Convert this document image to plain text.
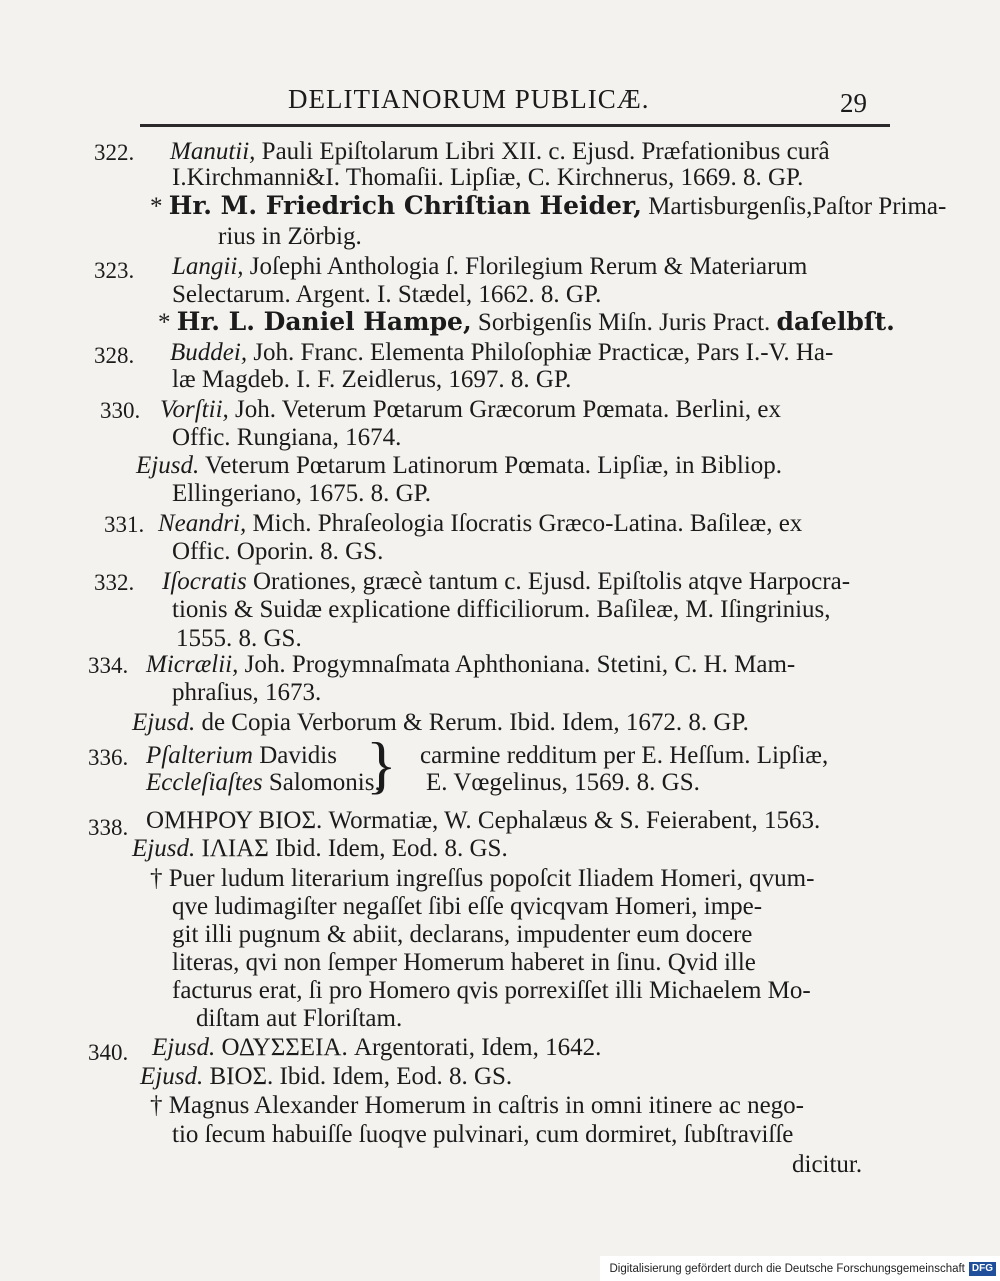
DELITIANORUM PUBLICÆ.	29
322. Manutii, Pauli Epiſtolarum Libri XII. c. Ejusd. Præfationibus curâ
I.Kirchmanni&I. Thomaſii. Lipſiæ, C. Kirchnerus, 1669. 8. GP.
* Hr. M. Friedrich Chriſtian Heider, Martisburgenſis,Paſtor Prima-
rius in Zörbig.
323. Langii, Joſephi Anthologia ſ. Florilegium Rerum & Materiarum
Selectarum. Argent. I. Stædel, 1662. 8. GP.
* Hr. L. Daniel Hampe, Sorbigenſis Miſn. Juris Pract. daſelbſt.
328. Buddei, Joh. Franc. Elementa Philoſophiæ Practicæ, Pars I.-V. Ha-
læ Magdeb. I. F. Zeidlerus, 1697. 8. GP.
330. Vorſtii, Joh. Veterum Pœtarum Græcorum Pœmata. Berlini, ex
Offic. Rungiana, 1674.
Ejusd. Veterum Pœtarum Latinorum Pœmata. Lipſiæ, in Bibliop.
Ellingeriano, 1675. 8. GP.
331. Neandri, Mich. Phraſeologia Iſocratis Græco-Latina. Baſileæ, ex
Offic. Oporin. 8. GS.
332. Iſocratis Orationes, græcè tantum c. Ejusd. Epiſtolis atqve Harpocra-
tionis & Suidæ explicatione difficiliorum. Baſileæ, M. Iſingrinius,
1555. 8. GS.
334. Micrælii, Joh. Progymnaſmata Aphthoniana. Stetini, C. H. Mam-
phraſius, 1673.
Ejusd. de Copia Verborum & Rerum. Ibid. Idem, 1672. 8. GP.
336. Pſalterium Davidis
Eccleſiaſtes Salomonis.
} carmine redditum per E. Heſſum. Lipſiæ,
E. Vœgelinus, 1569. 8. GS.
338. ΟΜΗΡΟΥ ΒΙΟΣ. Wormatiæ, W. Cephalæus & S. Feierabent, 1563.
Ejusd. ΙΛΙΑΣ Ibid. Idem, Eod. 8. GS.
† Puer ludum literarium ingreſſus popoſcit Iliadem Homeri, qvum-
qve ludimagiſter negaſſet ſibi eſſe qvicqvam Homeri, impe-
git illi pugnum & abiit, declarans, impudenter eum docere
literas, qvi non ſemper Homerum haberet in ſinu. Qvid ille
facturus erat, ſi pro Homero qvis porrexiſſet illi Michaelem Mo-
diſtam aut Floriſtam.
340. Ejusd. ΟΔΥΣΣΕΙΑ. Argentorati, Idem, 1642.
Ejusd. ΒΙΟΣ. Ibid. Idem, Eod. 8. GS.
† Magnus Alexander Homerum in caſtris in omni itinere ac nego-
tio ſecum habuiſſe ſuoqve pulvinari, cum dormiret, ſubſtraviſſe
dicitur.
Digitalisierung gefördert durch die Deutsche Forschungsgemeinschaft DFG
